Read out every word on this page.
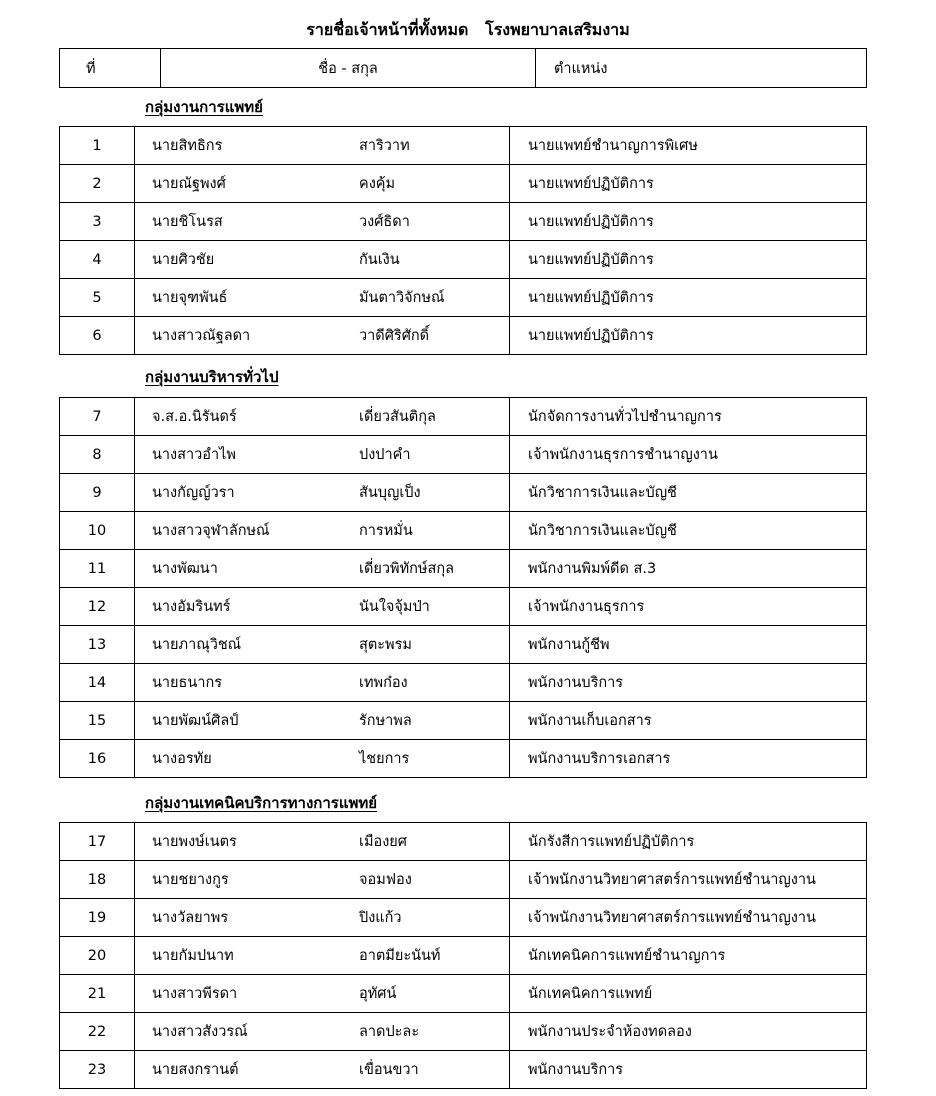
รายชื่อเจ้าหน้าที่ทั้งหมด   โรงพยาบาลเสริมงาม
ที่	ชื่อ - สกุล	ตำแหน่ง
กลุ่มงานการแพทย์
1	นายสิทธิกร สาริวาท	นายแพทย์ชำนาญการพิเศษ
2	นายณัฐพงศ์ คงคุ้ม	นายแพทย์ปฏิบัติการ
3	นายชิโนรส วงศ์ธิดา	นายแพทย์ปฏิบัติการ
4	นายศิวชัย กันเงิน	นายแพทย์ปฏิบัติการ
5	นายจุฑพันธ์ มันตาวิจักษณ์	นายแพทย์ปฏิบัติการ
6	นางสาวณัฐลดา วาดีศิริศักดิ์	นายแพทย์ปฏิบัติการ
กลุ่มงานบริหารทั่วไป
7	จ.ส.อ.นิรันดร์ เดี่ยวสันติกุล	นักจัดการงานทั่วไปชำนาญการ
8	นางสาวอำไพ ปงปาคำ	เจ้าพนักงานธุรการชำนาญงาน
9	นางกัญญ์วรา สันบุญเป็ง	นักวิชาการเงินและบัญชี
10	นางสาวจุฬาลักษณ์ การหมั่น	นักวิชาการเงินและบัญชี
11	นางพัฒนา เดี่ยวพิทักษ์สกุล	พนักงานพิมพ์ดีด ส.3
12	นางอัมรินทร์ นันใจจุ้มป่า	เจ้าพนักงานธุรการ
13	นายภาณุวิชณ์ สุตะพรม	พนักงานกู้ชีพ
14	นายธนากร เทพก๋อง	พนักงานบริการ
15	นายพัฒน์ศิลป์ รักษาพล	พนักงานเก็บเอกสาร
16	นางอรทัย ไชยการ	พนักงานบริการเอกสาร
กลุ่มงานเทคนิคบริการทางการแพทย์
17	นายพงษ์เนตร เมืองยศ	นักรังสีการแพทย์ปฏิบัติการ
18	นายชยางกูร จอมฟอง	เจ้าพนักงานวิทยาศาสตร์การแพทย์ชำนาญงาน
19	นางวัลยาพร ปิงแก้ว	เจ้าพนักงานวิทยาศาสตร์การแพทย์ชำนาญงาน
20	นายกัมปนาท อาตมียะนันท์	นักเทคนิคการแพทย์ชำนาญการ
21	นางสาวพีรดา อุทัศน์	นักเทคนิคการแพทย์
22	นางสาวสังวรณ์ ลาดปะละ	พนักงานประจำห้องทดลอง
23	นายสงกรานต์ เขื่อนขวา	พนักงานบริการ
